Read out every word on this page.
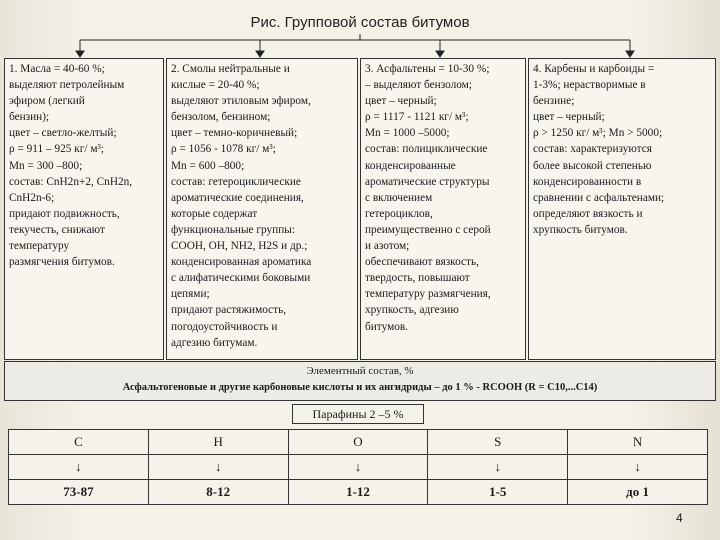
Рис. Групповой состав битумов

1. Масла = 40-60 %;

выделяют петролейным

эфиром (легкий

бензин);

цвет – светло-желтый;

ρ = 911 – 925 кг/ м³;

Mn = 300 –800;

состав: CnH2n+2, CnH2n,

CnH2n-6;

придают подвижность,

текучесть, снижают

температуру

размягчения битумов.

2. Смолы нейтральные и

кислые = 20-40 %;

выделяют этиловым эфиром,

бензолом, бензином;

цвет – темно-коричневый;

ρ = 1056 - 1078 кг/ м³;

Mn = 600 –800;

состав: гетероциклические

ароматические соединения,

которые содержат

функциональные группы:

COOH, OH, NH2, H2S и др.;

конденсированная ароматика

с алифатическими боковыми

цепями;

придают растяжимость,

погодоустойчивость и

адгезию битумам.

3. Асфальтены = 10-30 %;

– выделяют бензолом;

цвет – черный;

ρ = 1117 - 1121 кг/ м³;

Mn = 1000 –5000;

состав: полициклические

конденсированные

ароматические структуры

с включением

гетероциклов,

преимущественно с серой

и азотом;

обеспечивают вязкость,

твердость, повышают

температуру размягчения,

хрупкость, адгезию

битумов.

4. Карбены и карбоиды =

1-3%; нерастворимые в

бензине;

цвет – черный;

ρ > 1250 кг/ м³; Mn > 5000;

состав: характеризуются

более высокой степенью

конденсированности в

сравнении с асфальтенами;

определяют вязкость и

хрупкость битумов.

Элементный состав, %
Асфальтогеновые и другие карбоновые кислоты и их ангидриды – до 1 % - RCOOH (R = C10,...C14)
Парафины 2 –5 %
C	H	O	S	N
↓	↓	↓	↓	↓
73-87	8-12	1-12	1-5	до 1
4
